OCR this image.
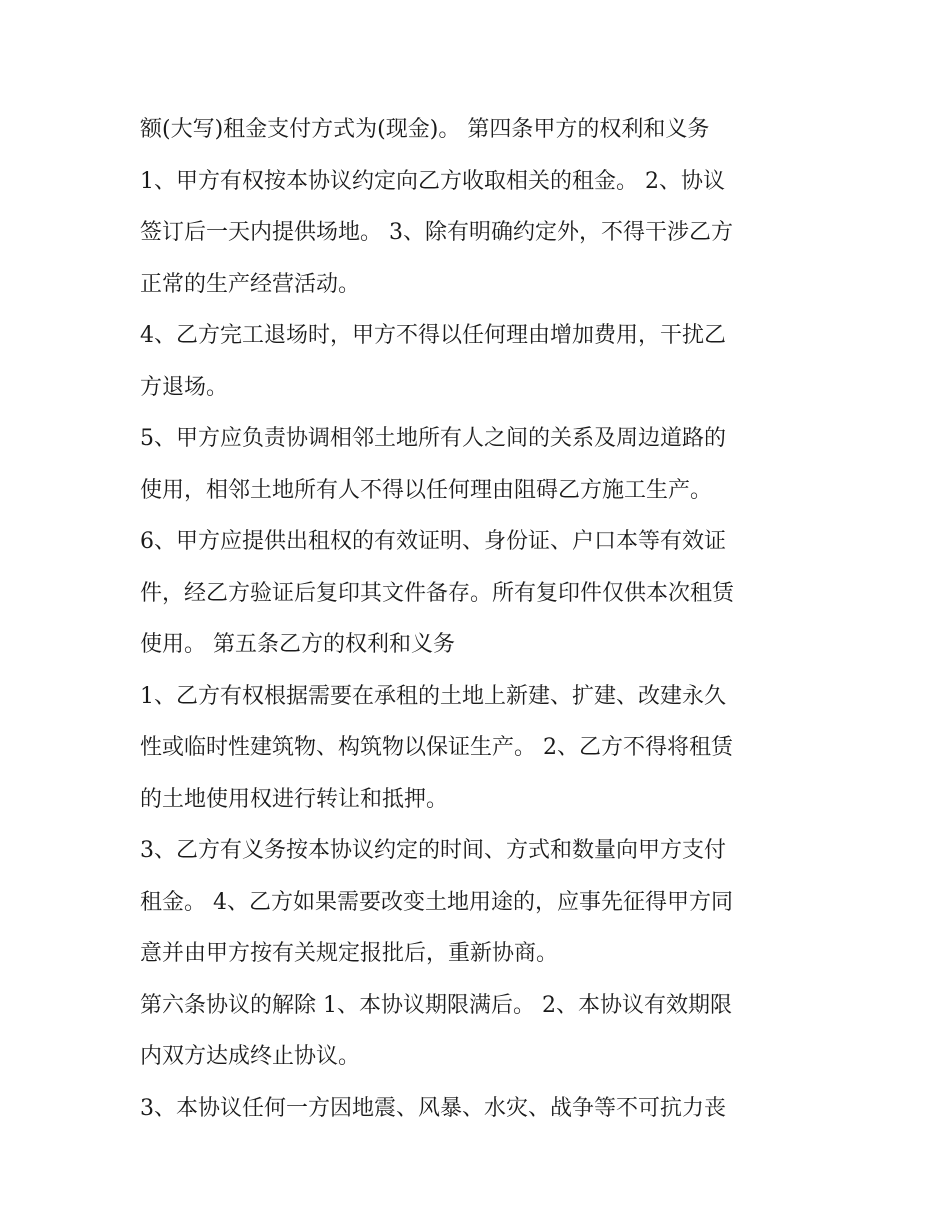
额(大写)租金支付方式为(现金)。 第四条甲方的权利和义务
1、甲方有权按本协议约定向乙方收取相关的租金。 2、协议
签订后一天内提供场地。 3、除有明确约定外，不得干涉乙方
正常的生产经营活动。
4、乙方完工退场时，甲方不得以任何理由增加费用，干扰乙
方退场。
5、甲方应负责协调相邻土地所有人之间的关系及周边道路的
使用，相邻土地所有人不得以任何理由阻碍乙方施工生产。
6、甲方应提供出租权的有效证明、身份证、户口本等有效证
件，经乙方验证后复印其文件备存。所有复印件仅供本次租赁
使用。 第五条乙方的权利和义务
1、乙方有权根据需要在承租的土地上新建、扩建、改建永久
性或临时性建筑物、构筑物以保证生产。 2、乙方不得将租赁
的土地使用权进行转让和抵押。
3、乙方有义务按本协议约定的时间、方式和数量向甲方支付
租金。 4、乙方如果需要改变土地用途的，应事先征得甲方同
意并由甲方按有关规定报批后，重新协商。
第六条协议的解除 1、本协议期限满后。 2、本协议有效期限
内双方达成终止协议。
3、本协议任何一方因地震、风暴、水灾、战争等不可抗力丧
